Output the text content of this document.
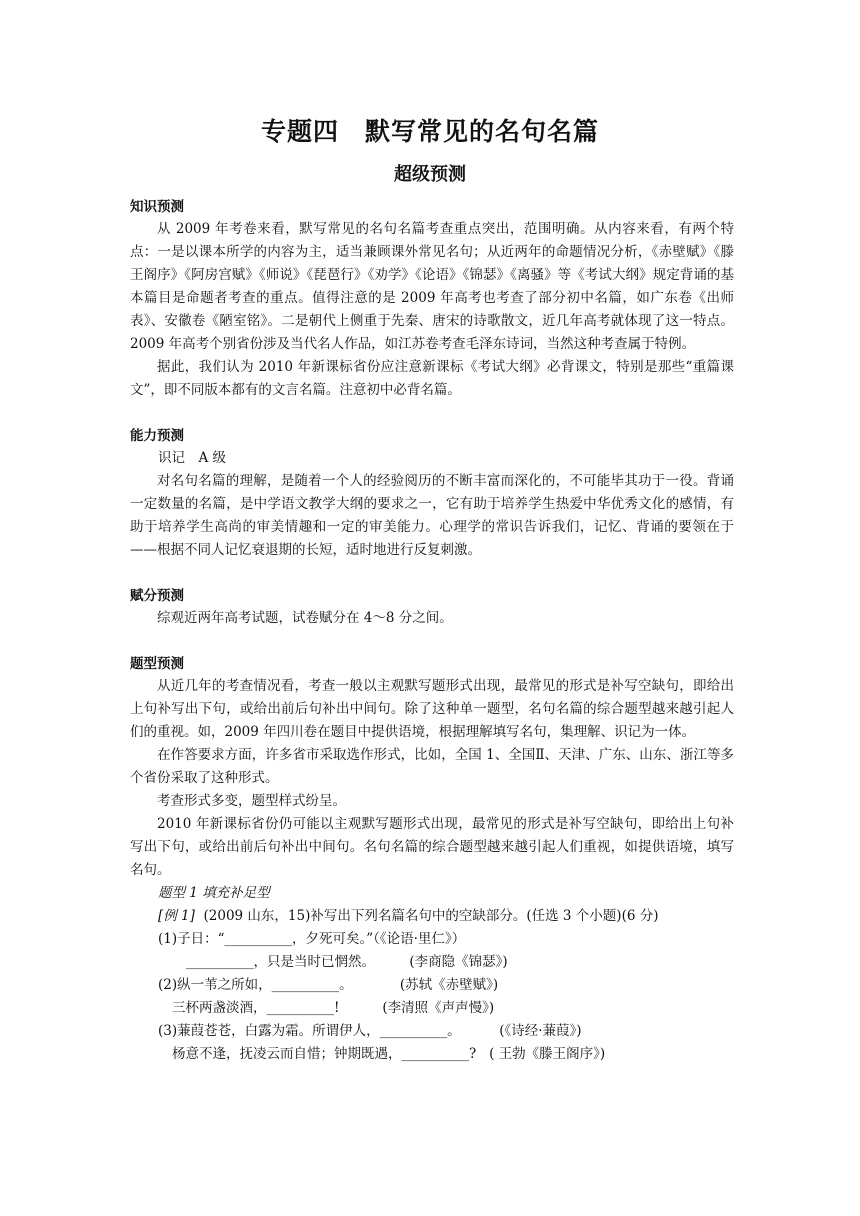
专题四　默写常见的名句名篇
超级预测
知识预测

从 2009 年考卷来看，默写常见的名句名篇考查重点突出，范围明确。从内容来看，有两个特点：一是以课本所学的内容为主，适当兼顾课外常见名句；从近两年的命题情况分析，《赤壁赋》《滕王阁序》《阿房宫赋》《师说》《琵琶行》《劝学》《论语》《锦瑟》《离骚》等《考试大纲》规定背诵的基本篇目是命题者考查的重点。值得注意的是 2009 年高考也考查了部分初中名篇，如广东卷《出师表》、安徽卷《陋室铭》。二是朝代上侧重于先秦、唐宋的诗歌散文，近几年高考就体现了这一特点。2009 年高考个别省份涉及当代名人作品，如江苏卷考查毛泽东诗词，当然这种考查属于特例。

据此，我们认为 2010 年新课标省份应注意新课标《考试大纲》必背课文，特别是那些“重篇课文”，即不同版本都有的文言名篇。注意初中必背名篇。

能力预测

识记　A 级

对名句名篇的理解，是随着一个人的经验阅历的不断丰富而深化的，不可能毕其功于一役。背诵一定数量的名篇，是中学语文教学大纲的要求之一，它有助于培养学生热爱中华优秀文化的感情，有助于培养学生高尚的审美情趣和一定的审美能力。心理学的常识告诉我们，记忆、背诵的要领在于——根据不同人记忆衰退期的长短，适时地进行反复刺激。

赋分预测

综观近两年高考试题，试卷赋分在 4～8 分之间。

题型预测

从近几年的考查情况看，考查一般以主观默写题形式出现，最常见的形式是补写空缺句，即给出上句补写出下句，或给出前后句补出中间句。除了这种单一题型，名句名篇的综合题型越来越引起人们的重视。如，2009 年四川卷在题目中提供语境，根据理解填写名句，集理解、识记为一体。

在作答要求方面，许多省市采取选作形式，比如，全国 1、全国Ⅱ、天津、广东、山东、浙江等多个省份采取了这种形式。

考查形式多变，题型样式纷呈。

2010 年新课标省份仍可能以主观默写题形式出现，最常见的形式是补写空缺句，即给出上句补写出下句，或给出前后句补出中间句。名句名篇的综合题型越来越引起人们重视，如提供语境，填写名句。

题型 1 填充补足型

[例 1]  (2009 山东，15)补写出下列名篇名句中的空缺部分。(任选 3 个小题)(6 分)

(1)子日：“__________，夕死可矣。”（《论语·里仁》）

__________，只是当时已惘然。        (李商隐《锦瑟》)

(2)纵一苇之所如，__________。           (苏轼《赤壁赋》)

三杯两盏淡酒，__________!          (李清照《声声慢》)

(3)蒹葭苍苍，白露为霜。所谓伊人，__________。         (《诗经·蒹葭》)

杨意不逢，抚凌云而自惜；钟期既遇，__________?   ( 王勃《滕王阁序》)
